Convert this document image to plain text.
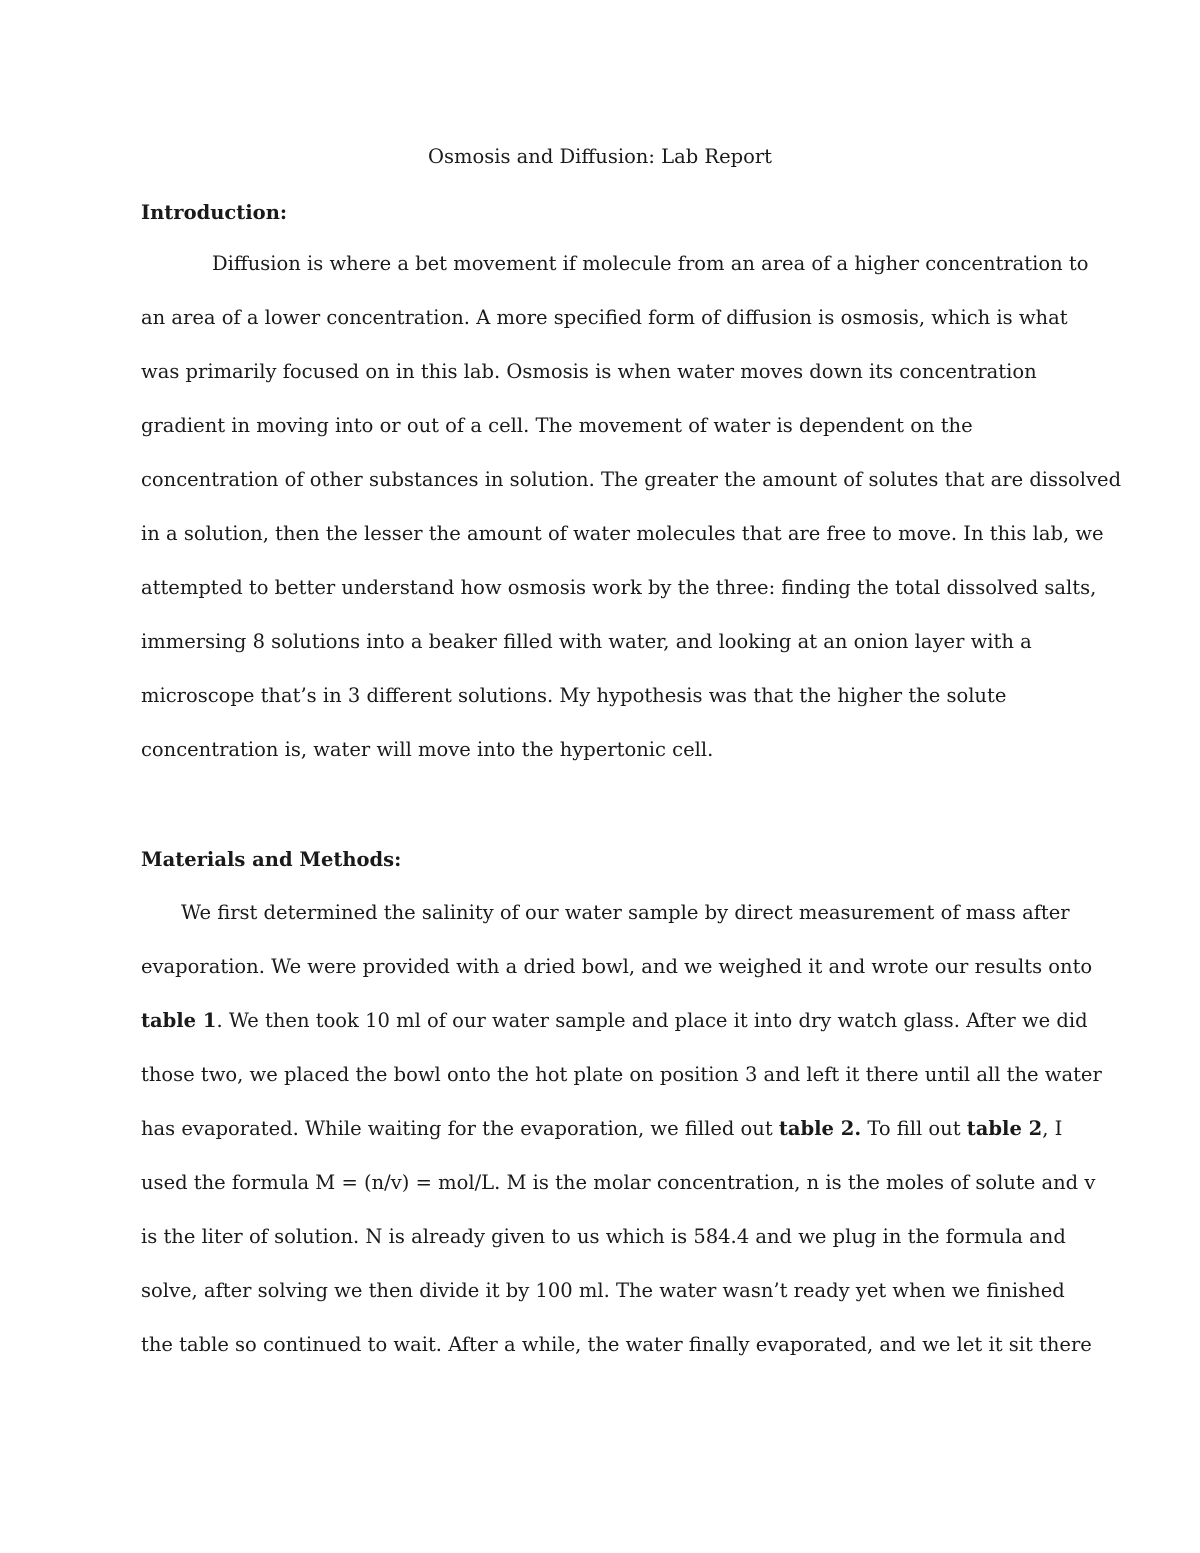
Osmosis and Diffusion: Lab Report
Introduction:
Diffusion is where a bet movement if molecule from an area of a higher concentration to
an area of a lower concentration. A more specified form of diffusion is osmosis, which is what
was primarily focused on in this lab. Osmosis is when water moves down its concentration
gradient in moving into or out of a cell. The movement of water is dependent on the
concentration of other substances in solution. The greater the amount of solutes that are dissolved
in a solution, then the lesser the amount of water molecules that are free to move. In this lab, we
attempted to better understand how osmosis work by the three: finding the total dissolved salts,
immersing 8 solutions into a beaker filled with water, and looking at an onion layer with a
microscope that’s in 3 different solutions. My hypothesis was that the higher the solute
concentration is, water will move into the hypertonic cell.
Materials and Methods:
We first determined the salinity of our water sample by direct measurement of mass after
evaporation. We were provided with a dried bowl, and we weighed it and wrote our results onto
table 1. We then took 10 ml of our water sample and place it into dry watch glass. After we did
those two, we placed the bowl onto the hot plate on position 3 and left it there until all the water
has evaporated. While waiting for the evaporation, we filled out table 2. To fill out table 2, I
used the formula M = (n/v) = mol/L. M is the molar concentration, n is the moles of solute and v
is the liter of solution. N is already given to us which is 584.4 and we plug in the formula and
solve, after solving we then divide it by 100 ml. The water wasn’t ready yet when we finished
the table so continued to wait. After a while, the water finally evaporated, and we let it sit there
